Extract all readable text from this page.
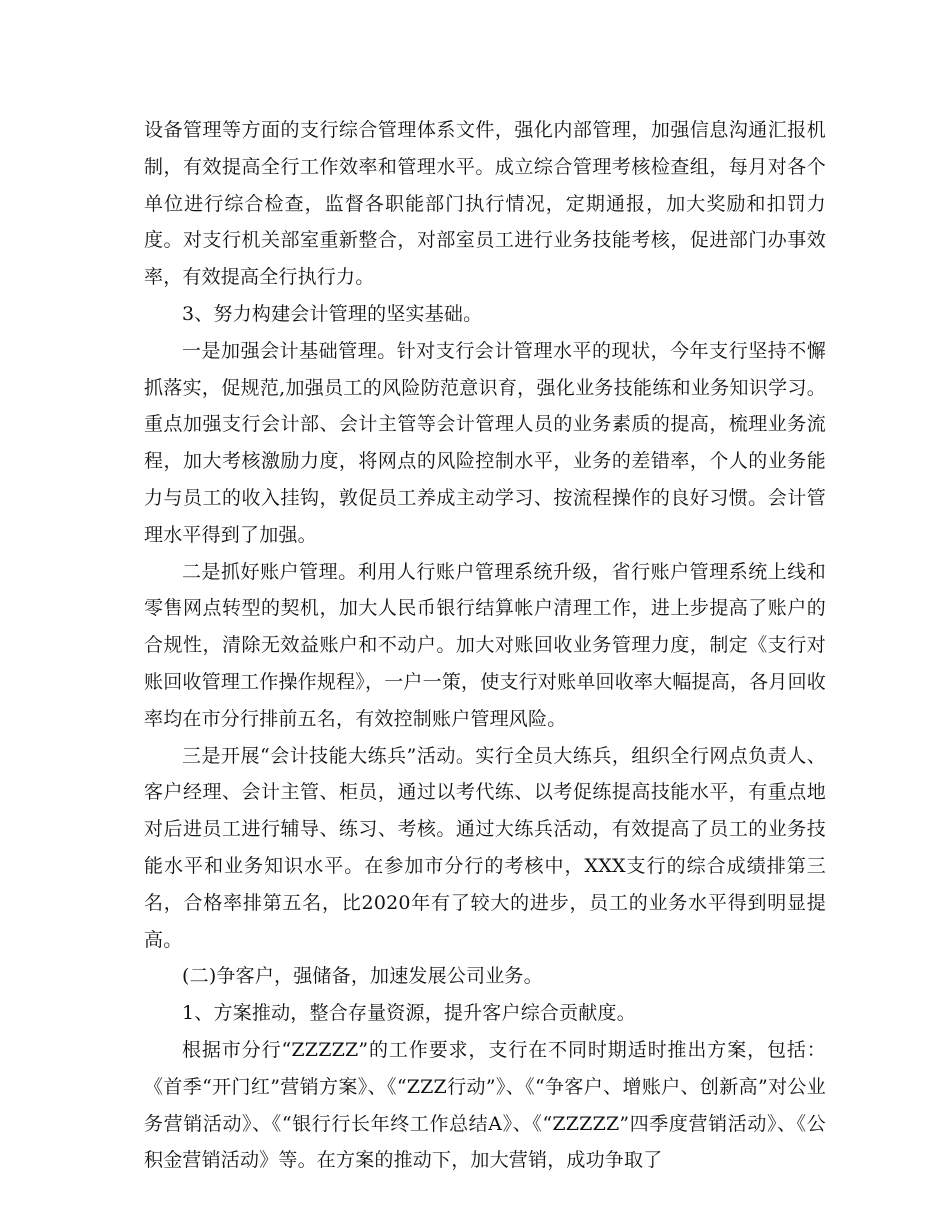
设备管理等方面的支行综合管理体系文件，强化内部管理，加强信息沟通汇报机制，有效提高全行工作效率和管理水平。成立综合管理考核检查组，每月对各个单位进行综合检查，监督各职能部门执行情况，定期通报，加大奖励和扣罚力度。对支行机关部室重新整合，对部室员工进行业务技能考核，促进部门办事效率，有效提高全行执行力。

3、努力构建会计管理的坚实基础。

一是加强会计基础管理。针对支行会计管理水平的现状，今年支行坚持不懈抓落实，促规范,加强员工的风险防范意识育，强化业务技能练和业务知识学习。重点加强支行会计部、会计主管等会计管理人员的业务素质的提高，梳理业务流程，加大考核激励力度，将网点的风险控制水平，业务的差错率，个人的业务能力与员工的收入挂钩，敦促员工养成主动学习、按流程操作的良好习惯。会计管理水平得到了加强。

二是抓好账户管理。利用人行账户管理系统升级，省行账户管理系统上线和零售网点转型的契机，加大人民币银行结算帐户清理工作，进上步提高了账户的合规性，清除无效益账户和不动户。加大对账回收业务管理力度，制定《支行对账回收管理工作操作规程》，一户一策，使支行对账单回收率大幅提高，各月回收率均在市分行排前五名，有效控制账户管理风险。

三是开展“会计技能大练兵”活动。实行全员大练兵，组织全行网点负责人、客户经理、会计主管、柜员，通过以考代练、以考促练提高技能水平，有重点地对后进员工进行辅导、练习、考核。通过大练兵活动，有效提高了员工的业务技能水平和业务知识水平。在参加市分行的考核中，XXX支行的综合成绩排第三名，合格率排第五名，比2020年有了较大的进步，员工的业务水平得到明显提高。

(二)争客户，强储备，加速发展公司业务。

1、方案推动，整合存量资源，提升客户综合贡献度。

根据市分行“ZZZZZ”的工作要求，支行在不同时期适时推出方案，包括：《首季“开门红”营销方案》、《“ZZZ行动”》、《“争客户、增账户、创新高”对公业务营销活动》、《“银行行长年终工作总结A》、《“ZZZZZ”四季度营销活动》、《公积金营销活动》等。在方案的推动下，加大营销，成功争取了
